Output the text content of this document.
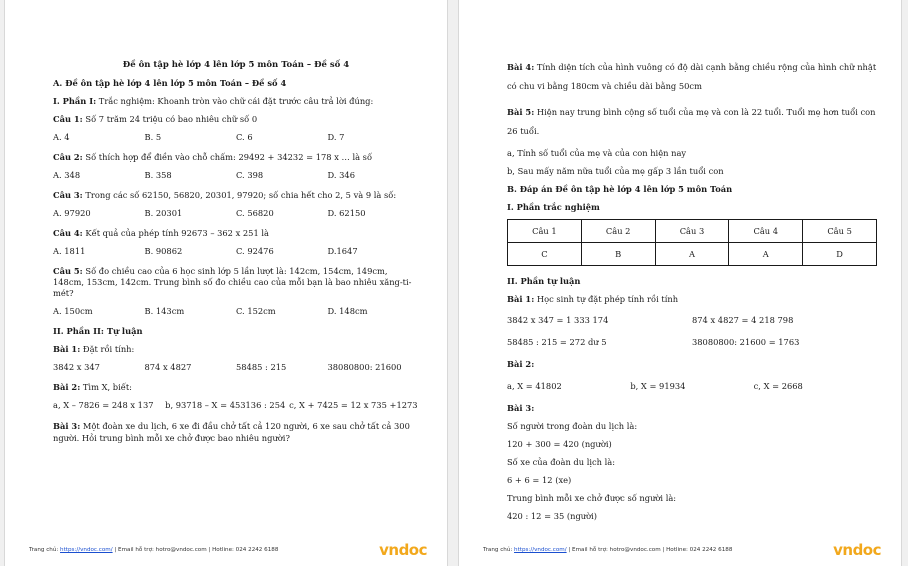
Đề ôn tập hè lớp 4 lên lớp 5 môn Toán – Đề số 4
A. Đề ôn tập hè lớp 4 lên lớp 5 môn Toán – Đề số 4
I. Phần I: Trắc nghiệm: Khoanh tròn vào chữ cái đặt trước câu trả lời đúng:
Câu 1: Số 7 trăm 24 triệu có bao nhiêu chữ số 0
A. 4	B. 5	C. 6	D. 7
Câu 2: Số thích hợp để điền vào chỗ chấm: 29492 + 34232 = 178 x … là số
A. 348	B. 358	C. 398	D. 346
Câu 3: Trong các số 62150, 56820, 20301, 97920; số chia hết cho 2, 5 và 9 là số:
A. 97920	B. 20301	C. 56820	D. 62150
Câu 4: Kết quả của phép tính 92673 – 362 x 251 là
A. 1811	B. 90862	C. 92476	D.1647
Câu 5: Số đo chiều cao của 6 học sinh lớp 5 lần lượt là: 142cm, 154cm, 149cm, 148cm, 153cm, 142cm. Trung bình số đo chiều cao của mỗi bạn là bao nhiêu xăng-ti-mét?
A. 150cm	B. 143cm	C. 152cm	D. 148cm
II. Phần II: Tự luận
Bài 1: Đặt rồi tính:
3842 x 347	874 x 4827	58485 : 215	38080800: 21600
Bài 2: Tìm X, biết:
a, X – 7826 = 248 x 137	b, 93718 – X = 453136 : 254 c, X + 7425 = 12 x 735 +1273
Bài 3: Một đoàn xe du lịch, 6 xe đi đầu chở tất cả 120 người, 6 xe sau chở tất cả 300 người. Hỏi trung bình mỗi xe chở được bao nhiêu người?
Trang chủ: https://vndoc.com/ | Email hỗ trợ: hotro@vndoc.com | Hotline: 024 2242 6188	vndoc
Bài 4: Tính diện tích của hình vuông có độ dài cạnh bằng chiều rộng của hình chữ nhật có chu vi bằng 180cm và chiều dài bằng 50cm
Bài 5: Hiện nay trung bình cộng số tuổi của mẹ và con là 22 tuổi. Tuổi mẹ hơn tuổi con 26 tuổi.
a, Tính số tuổi của mẹ và của con hiện nay
b, Sau mấy năm nữa tuổi của mẹ gấp 3 lần tuổi con
B. Đáp án Đề ôn tập hè lớp 4 lên lớp 5 môn Toán
I. Phần trắc nghiệm
Câu 1	Câu 2	Câu 3	Câu 4	Câu 5
C	B	A	A	D
II. Phần tự luận
Bài 1: Học sinh tự đặt phép tính rồi tính
3842 x 347 = 1 333 174	874 x 4827 = 4 218 798
58485 : 215 = 272 dư 5	38080800: 21600 = 1763
Bài 2:
a, X = 41802	b, X = 91934	c, X = 2668
Bài 3:
Số người trong đoàn du lịch là:
120 + 300 = 420 (người)
Số xe của đoàn du lịch là:
6 + 6 = 12 (xe)
Trung bình mỗi xe chở được số người là:
420 : 12 = 35 (người)
Trang chủ: https://vndoc.com/ | Email hỗ trợ: hotro@vndoc.com | Hotline: 024 2242 6188	vndoc
